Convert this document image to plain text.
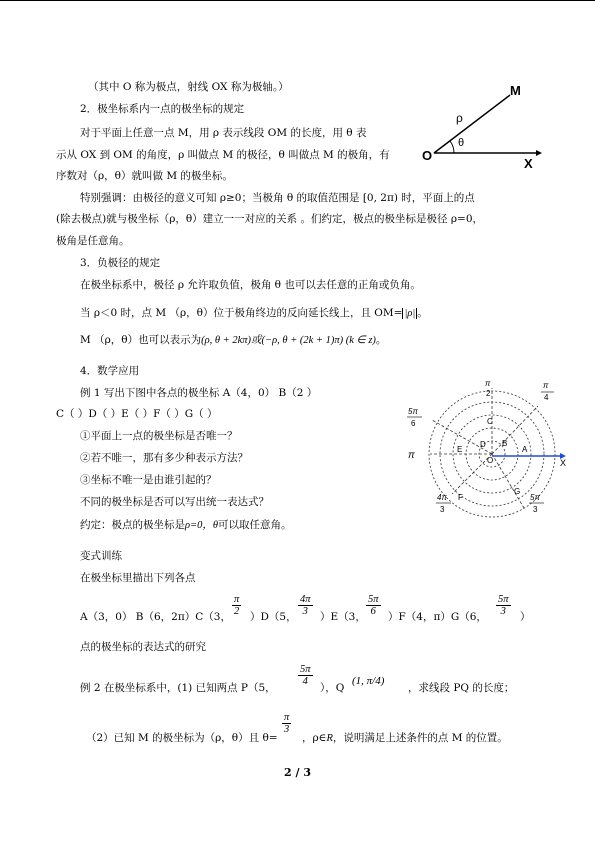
（其中 O 称为极点，射线 OX 称为极轴。）
2．极坐标系内一点的极坐标的规定
对于平面上任意一点 M，用 ρ 表示线段 OM 的长度，用 θ 表
示从 OX 到 OM 的角度，ρ 叫做点 M 的极径，θ 叫做点 M 的极角，有
序数对（ρ，θ）就叫做 M 的极坐标。
特别强调：由极径的意义可知 ρ≥0；当极角 θ 的取值范围是 [0, 2π) 时，平面上的点
(除去极点)就与极坐标（ρ，θ）建立一一对应的关系 。们约定，极点的极坐标是极径 ρ=0，
极角是任意角。
3．负极径的规定
在极坐标系中，极径 ρ 允许取负值，极角 θ 也可以去任意的正角或负角。
当 ρ＜0 时，点 M （ρ，θ）位于极角终边的反向延长线上，且 OM= |ρ| 。
M （ρ，θ）也可以表示为(ρ, θ + 2kπ)或(−ρ, θ + (2k + 1)π) (k ∈ z)。
4．数学应用
例 1 写出下图中各点的极坐标 A（4，0） B（2 ）
C（ ）D（ ）E（ ）F（ ）G（ ）
①平面上一点的极坐标是否唯一？
②若不唯一，那有多少种表示方法？
③坐标不唯一是由谁引起的？
不同的极坐标是否可以写出统一表达式？
约定：极点的极坐标是ρ=0，θ可以取任意角。
变式训练
在极坐标里描出下列各点
A（3，0） B（6，2π）C（3， $\frac{\pi}{2} )D(5$， $\frac{4\pi}{3} )E(3$， $\frac{5\pi}{6} )F(4$，π）G（6， $\frac{5\pi}{3}$ ）
点的极坐标的表达式的研究
例 2 在极坐标系中，(1) 已知两点 P（5，
$\frac{5\pi}{4}$
），Q
(1, π/4)
，求线段 PQ 的长度；
（2）已知 M 的极坐标为（ρ，θ）且 θ=
$\frac{\pi}{3}$
，ρ∈R，说明满足上述条件的点 M 的位置。
M
O
X
ρ
θ
X
O
π
2
π
4
5π
6
π
4π
3
5π
3
A
B
C
D
E
F
G
2 / 3
